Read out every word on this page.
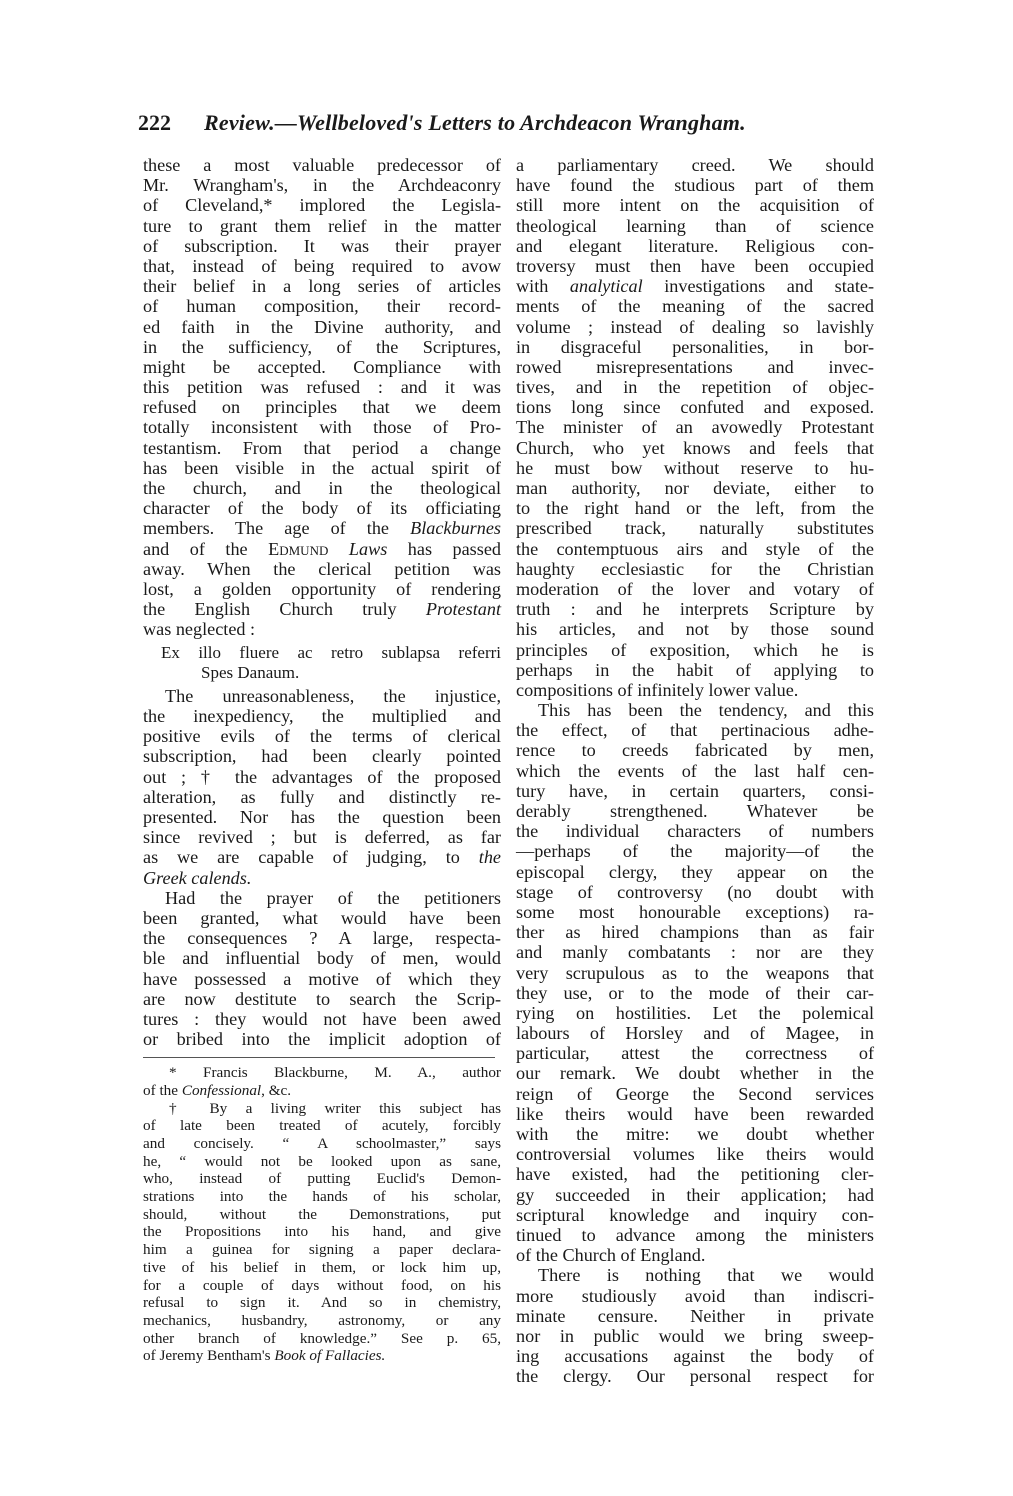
222 Review.—Wellbeloved's Letters to Archdeacon Wrangham.
these a most valuable predecessor of
Mr. Wrangham's, in the Archdeaconry
of Cleveland,* implored the Legisla-
ture to grant them relief in the matter
of subscription. It was their prayer
that, instead of being required to avow
their belief in a long series of articles
of human composition, their record-
ed faith in the Divine authority, and
in the sufficiency, of the Scriptures,
might be accepted. Compliance with
this petition was refused : and it was
refused on principles that we deem
totally inconsistent with those of Pro-
testantism. From that period a change
has been visible in the actual spirit of
the church, and in the theological
character of the body of its officiating
members. The age of the Blackburnes
and of the Edmund Laws has passed
away. When the clerical petition was
lost, a golden opportunity of rendering
the English Church truly Protestant
was neglected :
Ex illo fluere ac retro sublapsa referri
Spes Danaum.
The unreasonableness, the injustice,
the inexpediency, the multiplied and
positive evils of the terms of clerical
subscription, had been clearly pointed
out ; † the advantages of the proposed
alteration, as fully and distinctly re-
presented. Nor has the question been
since revived ; but is deferred, as far
as we are capable of judging, to the
Greek calends.
Had the prayer of the petitioners
been granted, what would have been
the consequences ? A large, respecta-
ble and influential body of men, would
have possessed a motive of which they
are now destitute to search the Scrip-
tures : they would not have been awed
or bribed into the implicit adoption of
* Francis Blackburne, M. A., author
of the Confessional, &c.
† By a living writer this subject has
of late been treated of acutely, forcibly
and concisely. “ A schoolmaster,” says
he, “ would not be looked upon as sane,
who, instead of putting Euclid's Demon-
strations into the hands of his scholar,
should, without the Demonstrations, put
the Propositions into his hand, and give
him a guinea for signing a paper declara-
tive of his belief in them, or lock him up,
for a couple of days without food, on his
refusal to sign it. And so in chemistry,
mechanics, husbandry, astronomy, or any
other branch of knowledge.” See p. 65,
of Jeremy Bentham's Book of Fallacies.
a parliamentary creed. We should
have found the studious part of them
still more intent on the acquisition of
theological learning than of science
and elegant literature. Religious con-
troversy must then have been occupied
with analytical investigations and state-
ments of the meaning of the sacred
volume ; instead of dealing so lavishly
in disgraceful personalities, in bor-
rowed misrepresentations and invec-
tives, and in the repetition of objec-
tions long since confuted and exposed.
The minister of an avowedly Protestant
Church, who yet knows and feels that
he must bow without reserve to hu-
man authority, nor deviate, either to
to the right hand or the left, from the
prescribed track, naturally substitutes
the contemptuous airs and style of the
haughty ecclesiastic for the Christian
moderation of the lover and votary of
truth : and he interprets Scripture by
his articles, and not by those sound
principles of exposition, which he is
perhaps in the habit of applying to
compositions of infinitely lower value.
This has been the tendency, and this
the effect, of that pertinacious adhe-
rence to creeds fabricated by men,
which the events of the last half cen-
tury have, in certain quarters, consi-
derably strengthened. Whatever be
the individual characters of numbers
—perhaps of the majority—of the
episcopal clergy, they appear on the
stage of controversy (no doubt with
some most honourable exceptions) ra-
ther as hired champions than as fair
and manly combatants : nor are they
very scrupulous as to the weapons that
they use, or to the mode of their car-
rying on hostilities. Let the polemical
labours of Horsley and of Magee, in
particular, attest the correctness of
our remark. We doubt whether in the
reign of George the Second services
like theirs would have been rewarded
with the mitre: we doubt whether
controversial volumes like theirs would
have existed, had the petitioning cler-
gy succeeded in their application; had
scriptural knowledge and inquiry con-
tinued to advance among the ministers
of the Church of England.
There is nothing that we would
more studiously avoid than indiscri-
minate censure. Neither in private
nor in public would we bring sweep-
ing accusations against the body of
the clergy. Our personal respect for
